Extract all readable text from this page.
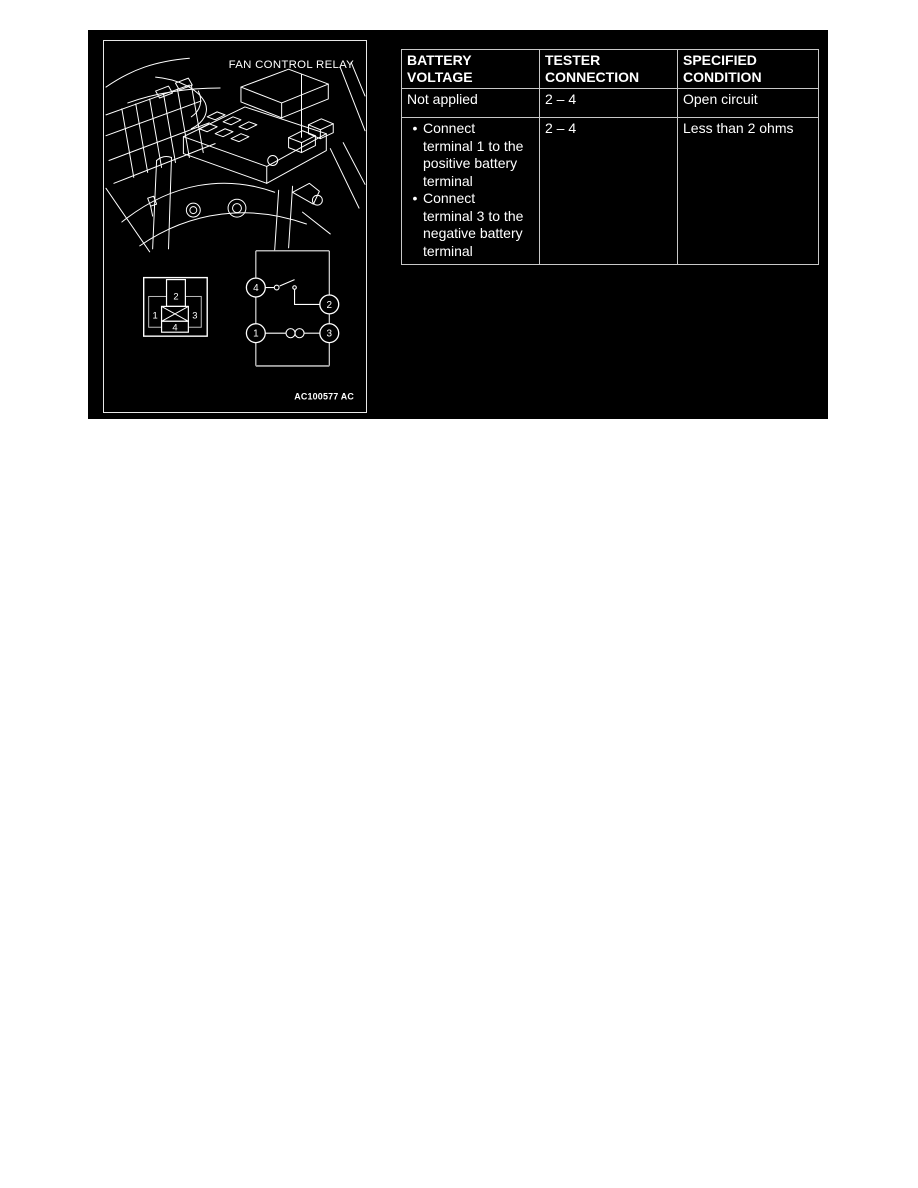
FAN CONTROL RELAY
2
1	3
4
4
2
1	3
AC100577 AC
BATTERY VOLTAGE	TESTER CONNECTION	SPECIFIED CONDITION
Not applied	2 – 4	Open circuit

• Connect terminal 1 to the positive battery terminal
• Connect terminal 3 to the negative battery terminal	2 – 4	Less than 2 ohms
